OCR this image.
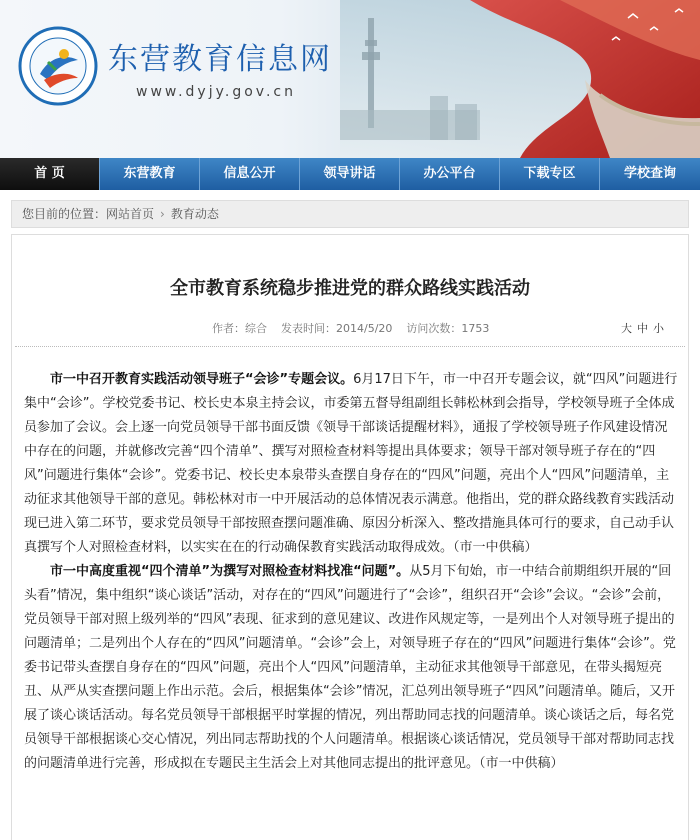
东营教育信息网
www.dyjy.gov.cn
首 页	东营教育	信息公开	领导讲话	办公平台	下载专区	学校查询
您目前的位置：网站首页 › 教育动态
全市教育系统稳步推进党的群众路线实践活动
作者：综合 发表时间：2014/5/20 访问次数：1753	大 中 小

市一中召开教育实践活动领导班子“会诊”专题会议。6月17日下午，市一中召开专题会议，就“四风”问题进行集中“会诊”。学校党委书记、校长史本泉主持会议，市委第五督导组副组长韩松林到会指导，学校领导班子全体成员参加了会议。会上逐一向党员领导干部书面反馈《领导干部谈话提醒材料》，通报了学校领导班子作风建设情况中存在的问题，并就修改完善“四个清单”、撰写对照检查材料等提出具体要求；领导干部对领导班子存在的“四风”问题进行集体“会诊”。党委书记、校长史本泉带头查摆自身存在的“四风”问题，亮出个人“四风”问题清单，主动征求其他领导干部的意见。韩松林对市一中开展活动的总体情况表示满意。他指出，党的群众路线教育实践活动现已进入第二环节，要求党员领导干部按照查摆问题准确、原因分析深入、整改措施具体可行的要求，自己动手认真撰写个人对照检查材料，以实实在在的行动确保教育实践活动取得成效。（市一中供稿）

市一中高度重视“四个清单”为撰写对照检查材料找准“问题”。从5月下旬始，市一中结合前期组织开展的“回头看”情况，集中组织“谈心谈话”活动，对存在的“四风”问题进行了“会诊”，组织召开“会诊”会议。“会诊”会前，党员领导干部对照上级列举的“四风”表现、征求到的意见建议、改进作风规定等，一是列出个人对领导班子提出的问题清单；二是列出个人存在的“四风”问题清单。“会诊”会上，对领导班子存在的“四风”问题进行集体“会诊”。党委书记带头查摆自身存在的“四风”问题，亮出个人“四风”问题清单，主动征求其他领导干部意见，在带头揭短亮丑、从严从实查摆问题上作出示范。会后，根据集体“会诊”情况，汇总列出领导班子“四风”问题清单。随后，又开展了谈心谈话活动。每名党员领导干部根据平时掌握的情况，列出帮助同志找的问题清单。谈心谈话之后，每名党员领导干部根据谈心交心情况，列出同志帮助找的个人问题清单。根据谈心谈话情况，党员领导干部对帮助同志找的问题清单进行完善，形成拟在专题民主生活会上对其他同志提出的批评意见。（市一中供稿）
